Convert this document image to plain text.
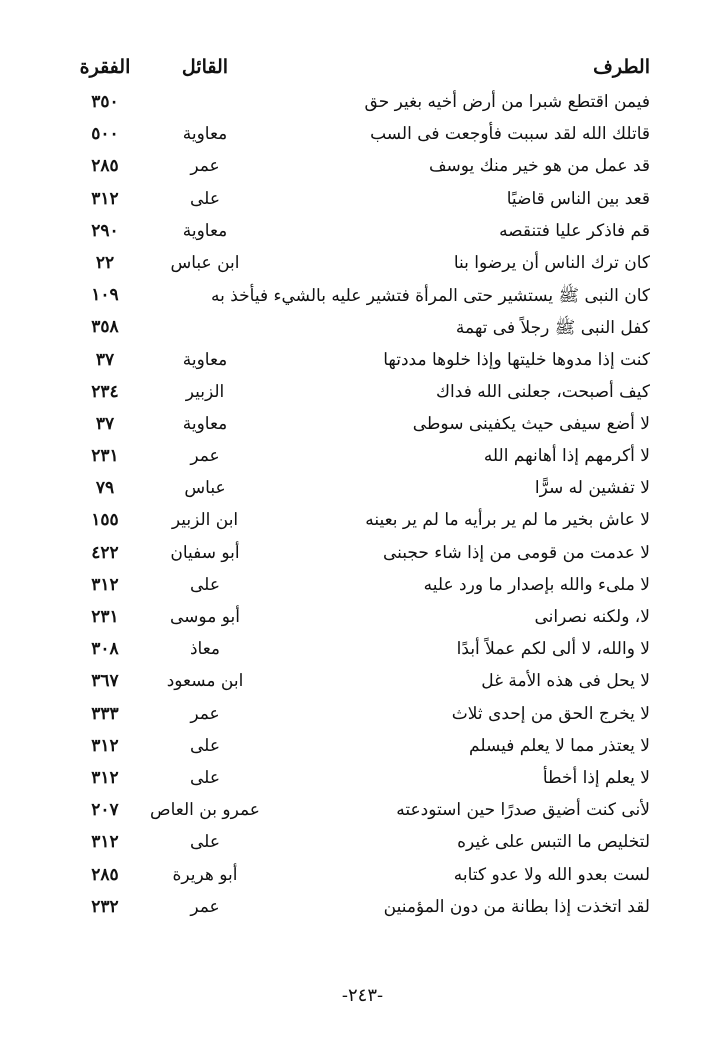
الطرف
القائل
الفقرة
فيمن اقتطع شبرا من أرض أخيه بغير حق
٣٥٠
قاتلك الله لقد سببت فأوجعت فى السب
معاوية
٥٠٠
قد عمل من هو خير منك يوسف
عمر
٢٨٥
قعد بين الناس قاضيًا
على
٣١٢
قم فاذكر عليا فتنقصه
معاوية
٢٩٠
كان ترك الناس أن يرضوا بنا
ابن عباس
٢٢
كان النبى ﷺ يستشير حتى المرأة فتشير عليه بالشيء فيأخذ به
١٠٩
كفل النبى ﷺ رجلاً فى تهمة
٣٥٨
كنت إذا مدوها خليتها وإذا خلوها مددتها
معاوية
٣٧
كيف أصبحت، جعلنى الله فداك
الزبير
٢٣٤
لا أضع سيفى حيث يكفينى سوطى
معاوية
٣٧
لا أكرمهم إذا أهانهم الله
عمر
٢٣١
لا تفشين له سرًّا
عباس
٧٩
لا عاش بخير ما لم ير برأيه ما لم ير بعينه
ابن الزبير
١٥٥
لا عدمت من قومى من إذا شاء حجبنى
أبو سفيان
٤٢٢
لا ملىء والله بإصدار ما ورد عليه
على
٣١٢
لا، ولكنه نصرانى
أبو موسى
٢٣١
لا والله، لا ألى لكم عملاً أبدًا
معاذ
٣٠٨
لا يحل فى هذه الأمة غل
ابن مسعود
٣٦٧
لا يخرج الحق من إحدى ثلاث
عمر
٣٣٣
لا يعتذر مما لا يعلم فيسلم
على
٣١٢
لا يعلم إذا أخطأ
على
٣١٢
لأنى كنت أضيق صدرًا حين استودعته
عمرو بن العاص
٢٠٧
لتخليص ما التبس على غيره
على
٣١٢
لست بعدو الله ولا عدو كتابه
أبو هريرة
٢٨٥
لقد اتخذت إذا بطانة من دون المؤمنين
عمر
٢٣٢
-٢٤٣-
